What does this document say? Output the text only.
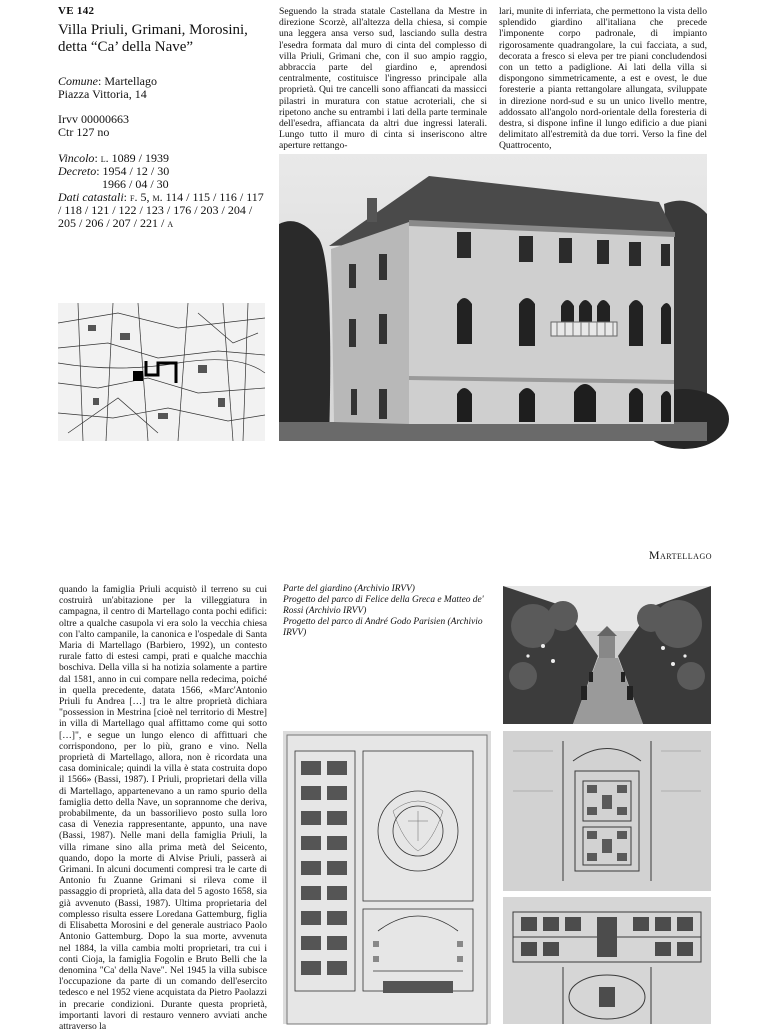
VE 142
Villa Priuli, Grimani, Morosini,
detta “Ca’ della Nave”
Comune: Martellago
Piazza Vittoria, 14
Irvv 00000663
Ctr 127 no
Vincolo: l. 1089 / 1939
Decreto: 1954 / 12 / 30
1966 / 04 / 30
Dati catastali: f. 5, m. 114 / 115 / 116 / 117
/ 118 / 121 / 122 / 123 / 176 / 203 / 204 /
205 / 206 / 207 / 221 / a
Seguendo la strada statale Castellana da Mestre in direzione Scorzè, all'altezza della chiesa, si compie una leggera ansa verso sud, lasciando sulla destra l'esedra formata dal muro di cinta del complesso di villa Priuli, Grimani che, con il suo ampio raggio, abbraccia parte del giardino e, aprendosi centralmente, costituisce l'ingresso principale alla proprietà. Qui tre cancelli sono affiancati da massicci pilastri in muratura con statue acroteriali, che si ripetono anche su entrambi i lati della parte terminale dell'esedra, affiancata da altri due ingressi laterali. Lungo tutto il muro di cinta si inseriscono altre aperture rettango-
lari, munite di inferriata, che permettono la vista dello splendido giardino all'italiana che precede l'imponente corpo padronale, di impianto rigorosamente quadrangolare, la cui facciata, a sud, decorata a fresco si eleva per tre piani concludendosi con un tetto a padiglione. Ai lati della villa si dispongono simmetricamente, a est e ovest, le due foresterie a pianta rettangolare allungata, sviluppate in direzione nord-sud e su un unico livello mentre, addossato all'angolo nord-orientale della foresteria di destra, si dispone infine il lungo edificio a due piani delimitato all'estremità da due torri. Verso la fine del Quattrocento,
Martellago
quando la famiglia Priuli acquistò il terreno su cui costruirà un'abitazione per la villeggiatura in campagna, il centro di Martellago conta pochi edifici: oltre a qualche casupola vi era solo la vecchia chiesa con l'alto campanile, la canonica e l'ospedale di Santa Maria di Martellago (Barbiero, 1992), un contesto rurale fatto di estesi campi, prati e qualche macchia boschiva. Della villa si ha notizia solamente a partire dal 1581, anno in cui compare nella redecima, poiché in quella precedente, datata 1566, «Marc'Antonio Priuli fu Andrea […] tra le altre proprietà dichiara "possession in Mestrina [cioè nel territorio di Mestre] in villa di Martellago qual affittamo come qui sotto […]", e segue un lungo elenco di affittuari che corrispondono, per lo più, grano e vino. Nella proprietà di Martellago, allora, non è ricordata una casa dominicale; quindi la villa è stata costruita dopo il 1566» (Bassi, 1987). I Priuli, proprietari della villa di Martellago, appartenevano a un ramo spurio della famiglia detto della Nave, un soprannome che deriva, probabilmente, da un bassorilievo posto sulla loro casa di Venezia rappresentante, appunto, una nave (Bassi, 1987). Nelle mani della famiglia Priuli, la villa rimane sino alla prima metà del Seicento, quando, dopo la morte di Alvise Priuli, passerà ai Grimani. In alcuni documenti compresi tra le carte di Antonio fu Zuanne Grimani si rileva come il passaggio di proprietà, alla data del 5 agosto 1658, sia già avvenuto (Bassi, 1987). Ultima proprietaria del complesso risulta essere Loredana Gattemburg, figlia di Elisabetta Morosini e del generale austriaco Paolo Antonio Gattemburg. Dopo la sua morte, avvenuta nel 1884, la villa cambia molti proprietari, tra cui i conti Cioja, la famiglia Fogolin e Bruto Belli che la denomina "Ca' della Nave". Nel 1945 la villa subisce l'occupazione da parte di un comando dell'esercito tedesco e nel 1952 viene acquistata da Pietro Paolazzi in precarie condizioni. Durante questa proprietà, importanti lavori di restauro vennero avviati anche attraverso la
Parte del giardino (Archivio IRVV)
Progetto del parco di Felice della Greca e Matteo de' Rossi (Archivio IRVV)
Progetto del parco di André Godo Parisien (Archivio IRVV)
